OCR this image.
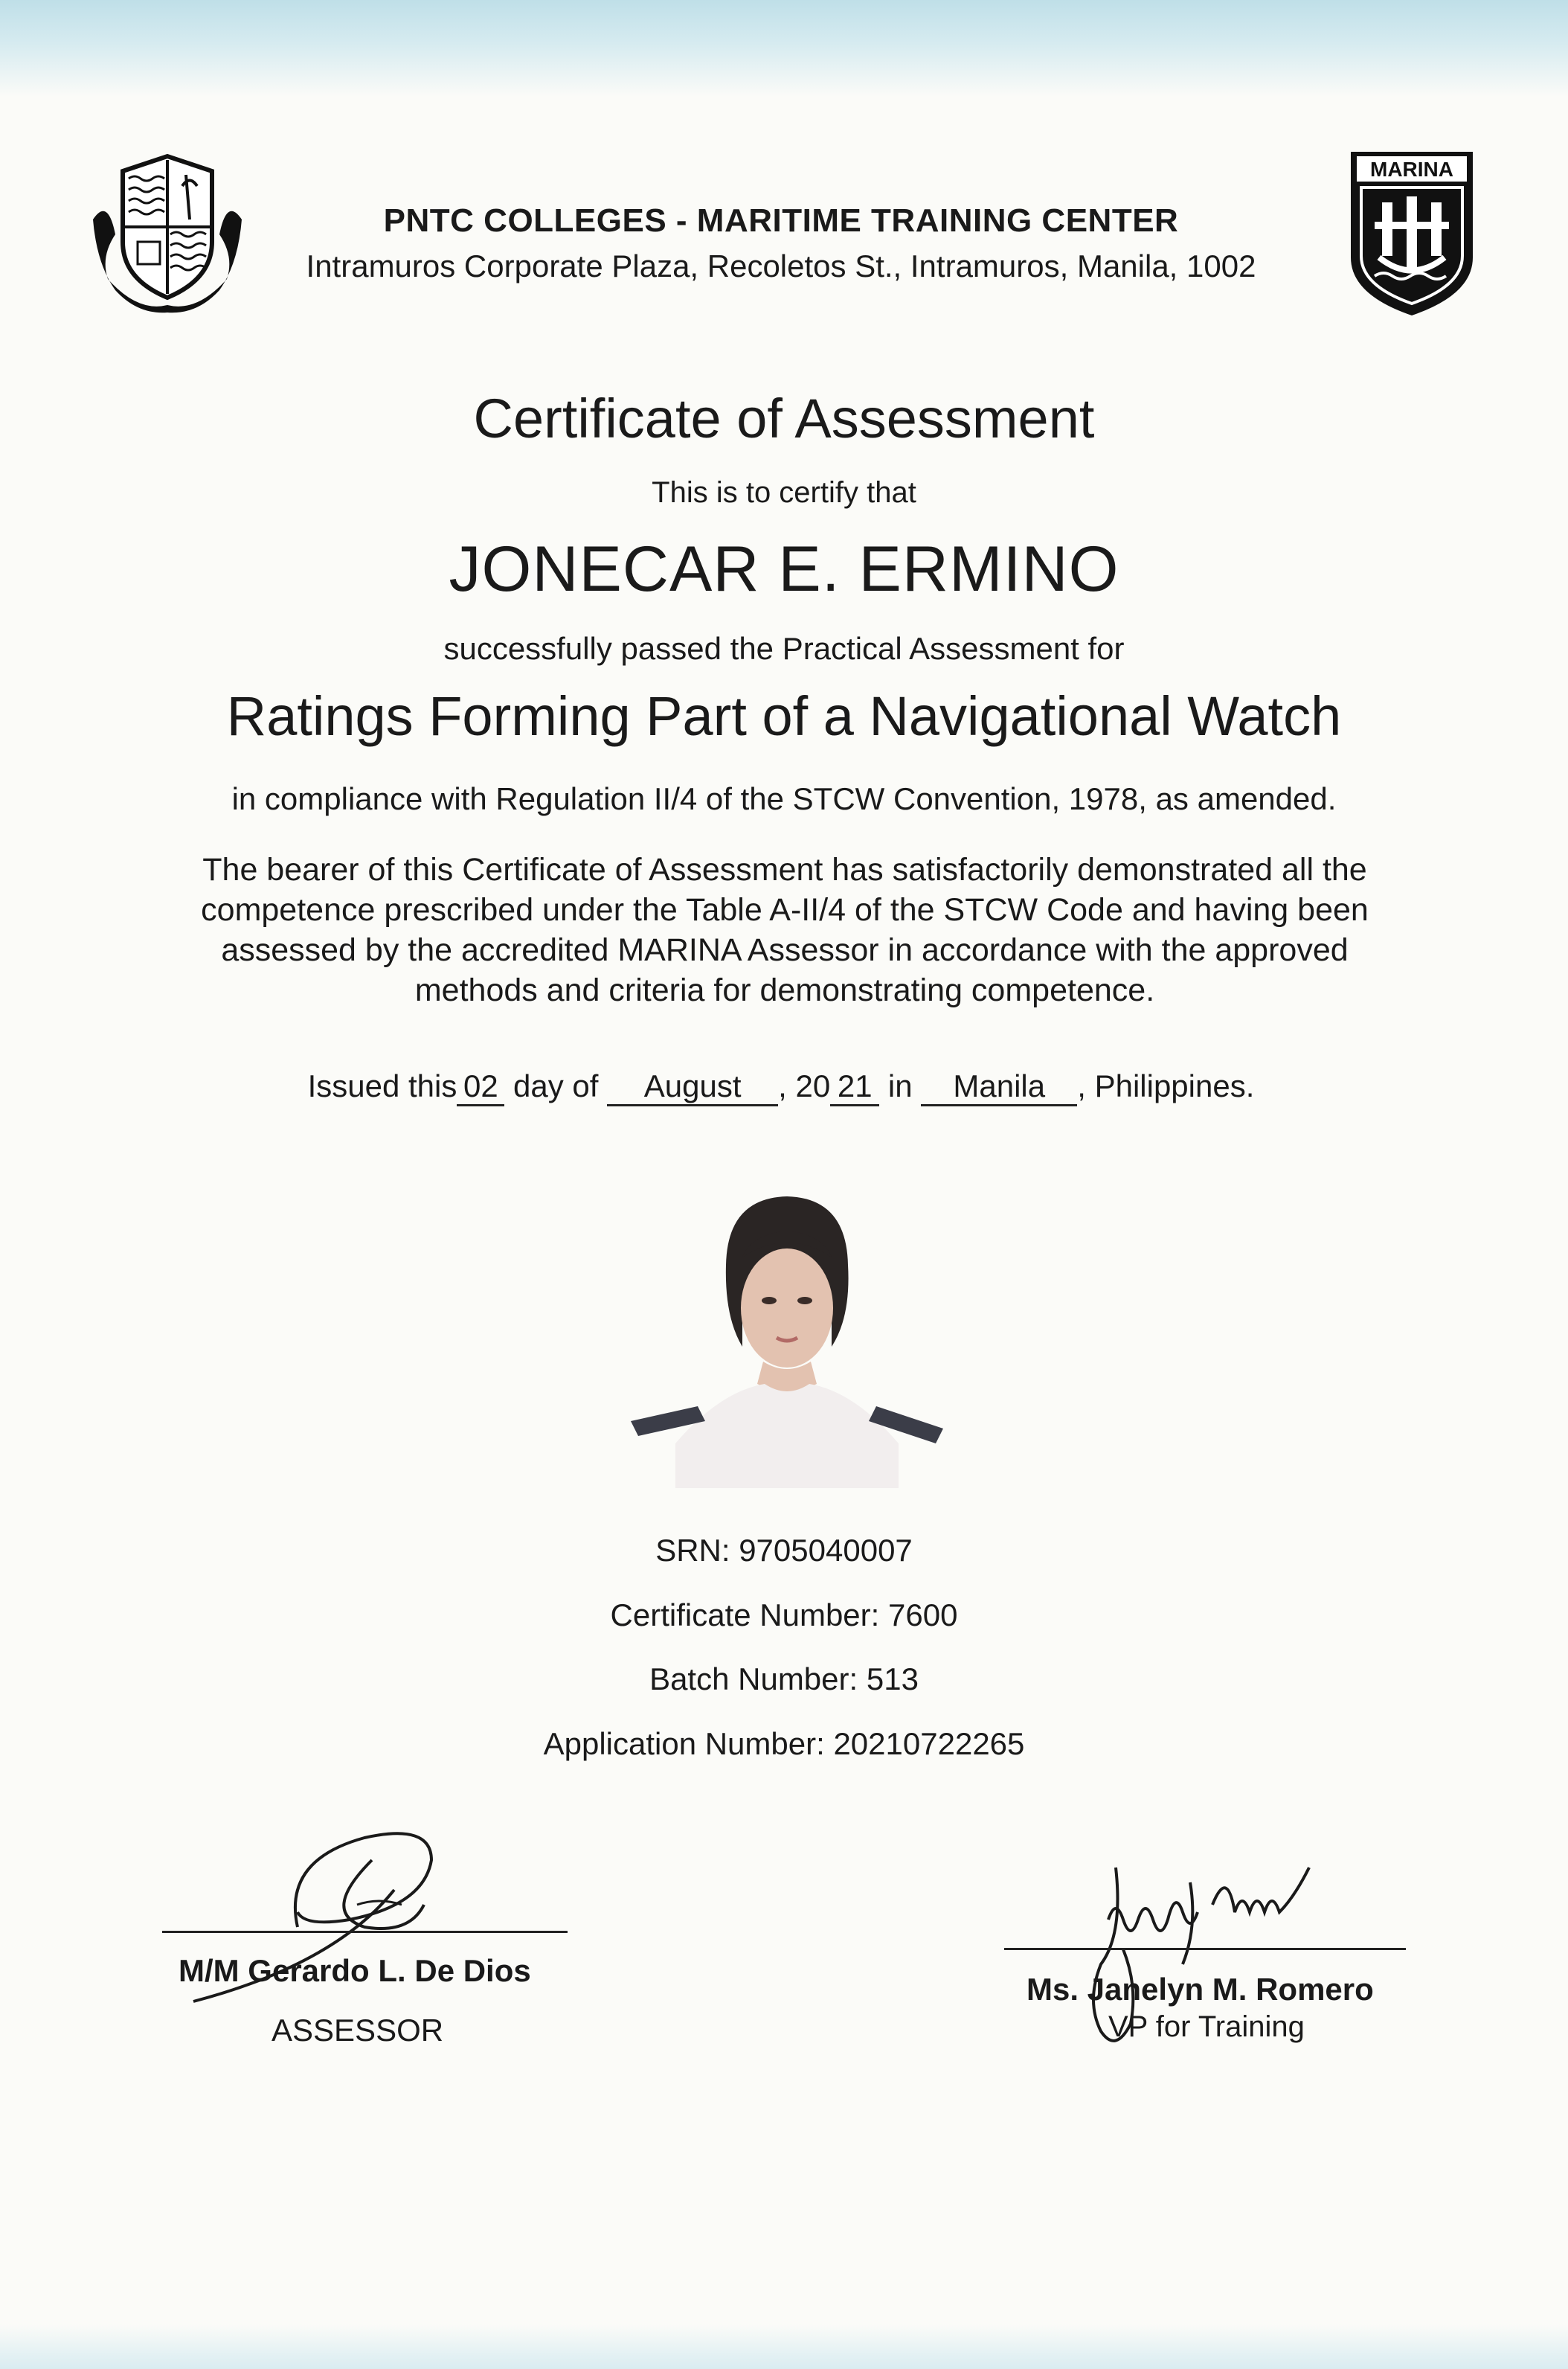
MARINA
PNTC COLLEGES - MARITIME TRAINING CENTER
Intramuros Corporate Plaza, Recoletos St., Intramuros, Manila, 1002
Certificate of Assessment
This is to certify that
JONECAR E. ERMINO
successfully passed the Practical Assessment for
Ratings Forming Part of a Navigational Watch
in compliance with Regulation II/4 of the STCW Convention, 1978, as amended.
The bearer of this Certificate of Assessment has satisfactorily demonstrated all the
competence prescribed under the Table A-II/4 of the STCW Code and having been
assessed by the accredited MARINA Assessor in accordance with the approved
methods and criteria for demonstrating competence.
Issued this 02 day of August , 20 21 in Manila , Philippines.
SRN: 9705040007
Certificate Number: 7600
Batch Number: 513
Application Number: 20210722265
M/M Gerardo L. De Dios
ASSESSOR
Ms. Janelyn M. Romero
VP for Training
